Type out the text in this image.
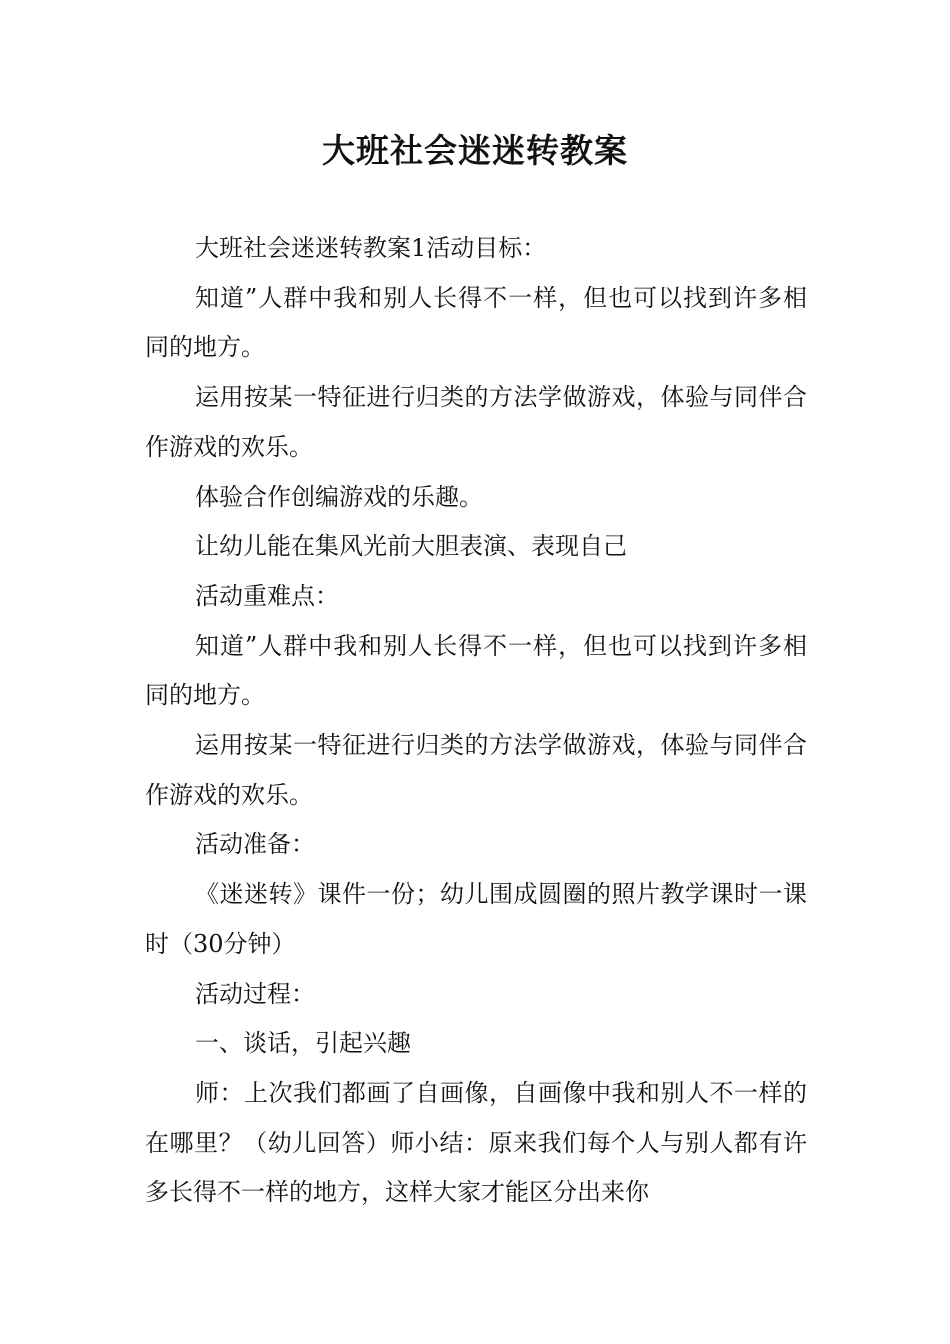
大班社会迷迷转教案

大班社会迷迷转教案1活动目标：

知道”人群中我和别人长得不一样，但也可以找到许多相同的地方。

运用按某一特征进行归类的方法学做游戏，体验与同伴合作游戏的欢乐。

体验合作创编游戏的乐趣。

让幼儿能在集风光前大胆表演、表现自己

活动重难点：

知道”人群中我和别人长得不一样，但也可以找到许多相同的地方。

运用按某一特征进行归类的方法学做游戏，体验与同伴合作游戏的欢乐。

活动准备：

《迷迷转》课件一份；幼儿围成圆圈的照片教学课时一课时（30分钟）

活动过程：

一、谈话，引起兴趣

师：上次我们都画了自画像，自画像中我和别人不一样的在哪里？（幼儿回答）师小结：原来我们每个人与别人都有许多长得不一样的地方，这样大家才能区分出来你
